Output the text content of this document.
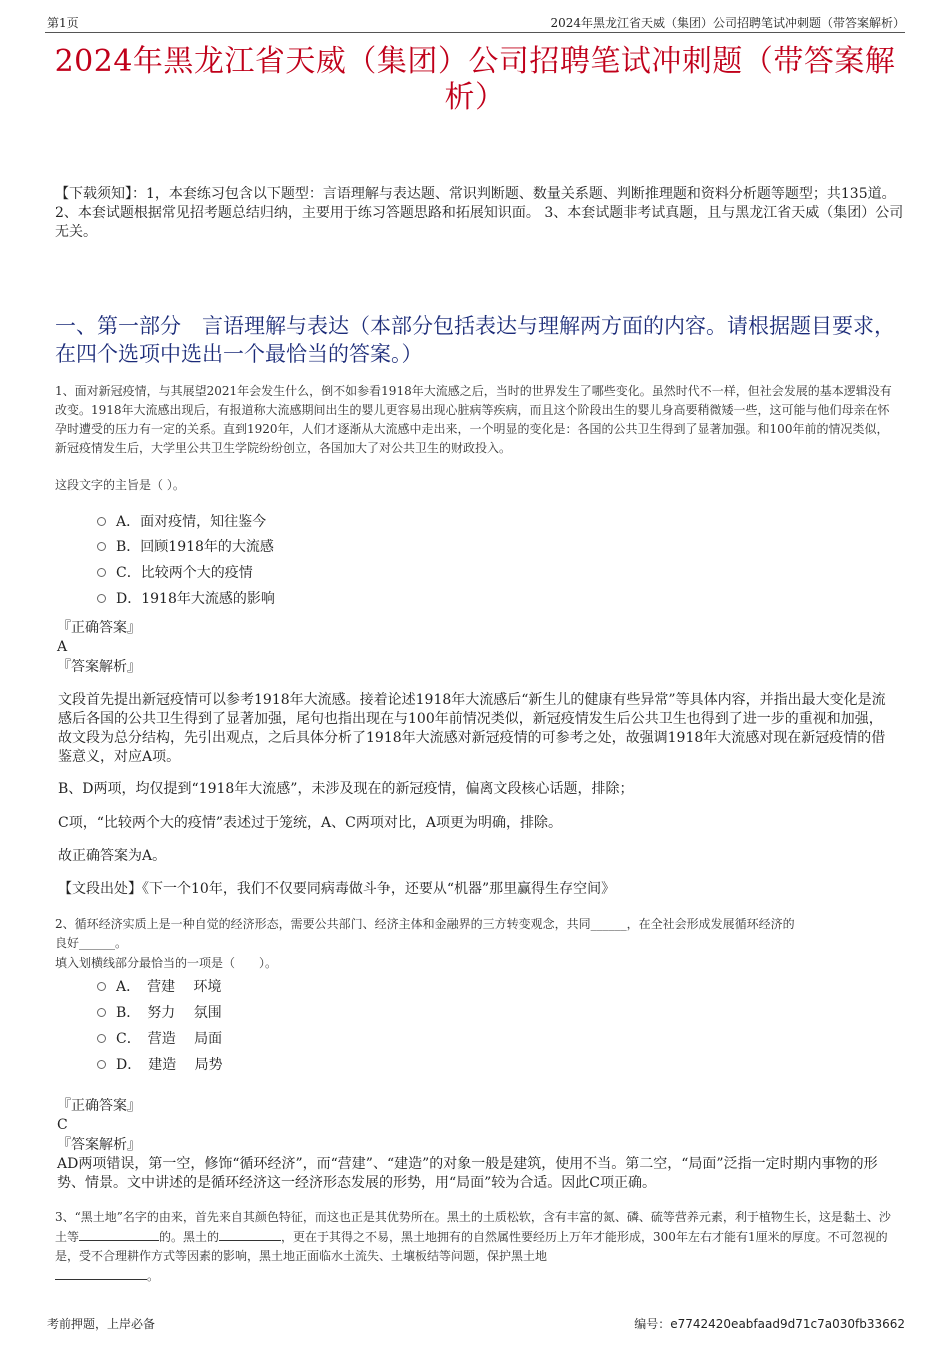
第1页	2024年黑龙江省天威（集团）公司招聘笔试冲刺题（带答案解析）
2024年黑龙江省天威（集团）公司招聘笔试冲刺题（带答案解
析）
【下载须知】：1，本套练习包含以下题型：言语理解与表达题、常识判断题、数量关系题、判断推理题和资料分析题等题型；共135道。 2、本套试题根据常见招考题总结归纳，主要用于练习答题思路和拓展知识面。 3、本套试题非考试真题，且与黑龙江省天威（集团）公司无关。
一、第一部分　言语理解与表达（本部分包括表达与理解两方面的内容。请根据题目要求，在四个选项中选出一个最恰当的答案。）
1、面对新冠疫情，与其展望2021年会发生什么，倒不如参看1918年大流感之后，当时的世界发生了哪些变化。虽然时代不一样，但社会发展的基本逻辑没有改变。1918年大流感出现后，有报道称大流感期间出生的婴儿更容易出现心脏病等疾病，而且这个阶段出生的婴儿身高要稍微矮一些，这可能与他们母亲在怀孕时遭受的压力有一定的关系。直到1920年，人们才逐渐从大流感中走出来，一个明显的变化是：各国的公共卫生得到了显著加强。和100年前的情况类似，新冠疫情发生后，大学里公共卫生学院纷纷创立，各国加大了对公共卫生的财政投入。
这段文字的主旨是（ ）。
A．面对疫情，知往鉴今
B．回顾1918年的大流感
C．比较两个大的疫情
D．1918年大流感的影响
『正确答案』
A
『答案解析』
文段首先提出新冠疫情可以参考1918年大流感。接着论述1918年大流感后“新生儿的健康有些异常”等具体内容，并指出最大变化是流感后各国的公共卫生得到了显著加强，尾句也指出现在与100年前情况类似，新冠疫情发生后公共卫生也得到了进一步的重视和加强，故文段为总分结构，先引出观点，之后具体分析了1918年大流感对新冠疫情的可参考之处，故强调1918年大流感对现在新冠疫情的借鉴意义，对应A项。
B、D两项，均仅提到“1918年大流感”，未涉及现在的新冠疫情，偏离文段核心话题，排除；
C项，“比较两个大的疫情”表述过于笼统，A、C两项对比，A项更为明确，排除。
故正确答案为A。
【文段出处】《下一个10年，我们不仅要同病毒做斗争，还要从“机器”那里赢得生存空间》
2、循环经济实质上是一种自觉的经济形态，需要公共部门、经济主体和金融界的三方转变观念，共同______，在全社会形成发展循环经济的
良好______。
填入划横线部分最恰当的一项是（　　）。
A．　营建　 环境
B．　努力　 氛围
C．　营造　 局面
D．　建造　 局势
『正确答案』
C
『答案解析』
AD两项错误，第一空，修饰“循环经济”，而“营建”、“建造”的对象一般是建筑，使用不当。第二空，“局面”泛指一定时期内事物的形势、情景。文中讲述的是循环经济这一经济形态发展的形势，用“局面”较为合适。因此C项正确。
3、“黑土地”名字的由来，首先来自其颜色特征，而这也正是其优势所在。黑土的土质松软，含有丰富的氮、磷、硫等营养元素，利于植物生长，这是黏土、沙土等	的。黑土的	，更在于其得之不易，黑土地拥有的自然属性要经历上万年才能形成，300年左右才能有1厘米的厚度。不可忽视的是，受不合理耕作方式等因素的影响，黑土地正面临水土流失、土壤板结等问题，保护黑土地
。
考前押题，上岸必备	编号：e7742420eabfaad9d71c7a030fb33662
